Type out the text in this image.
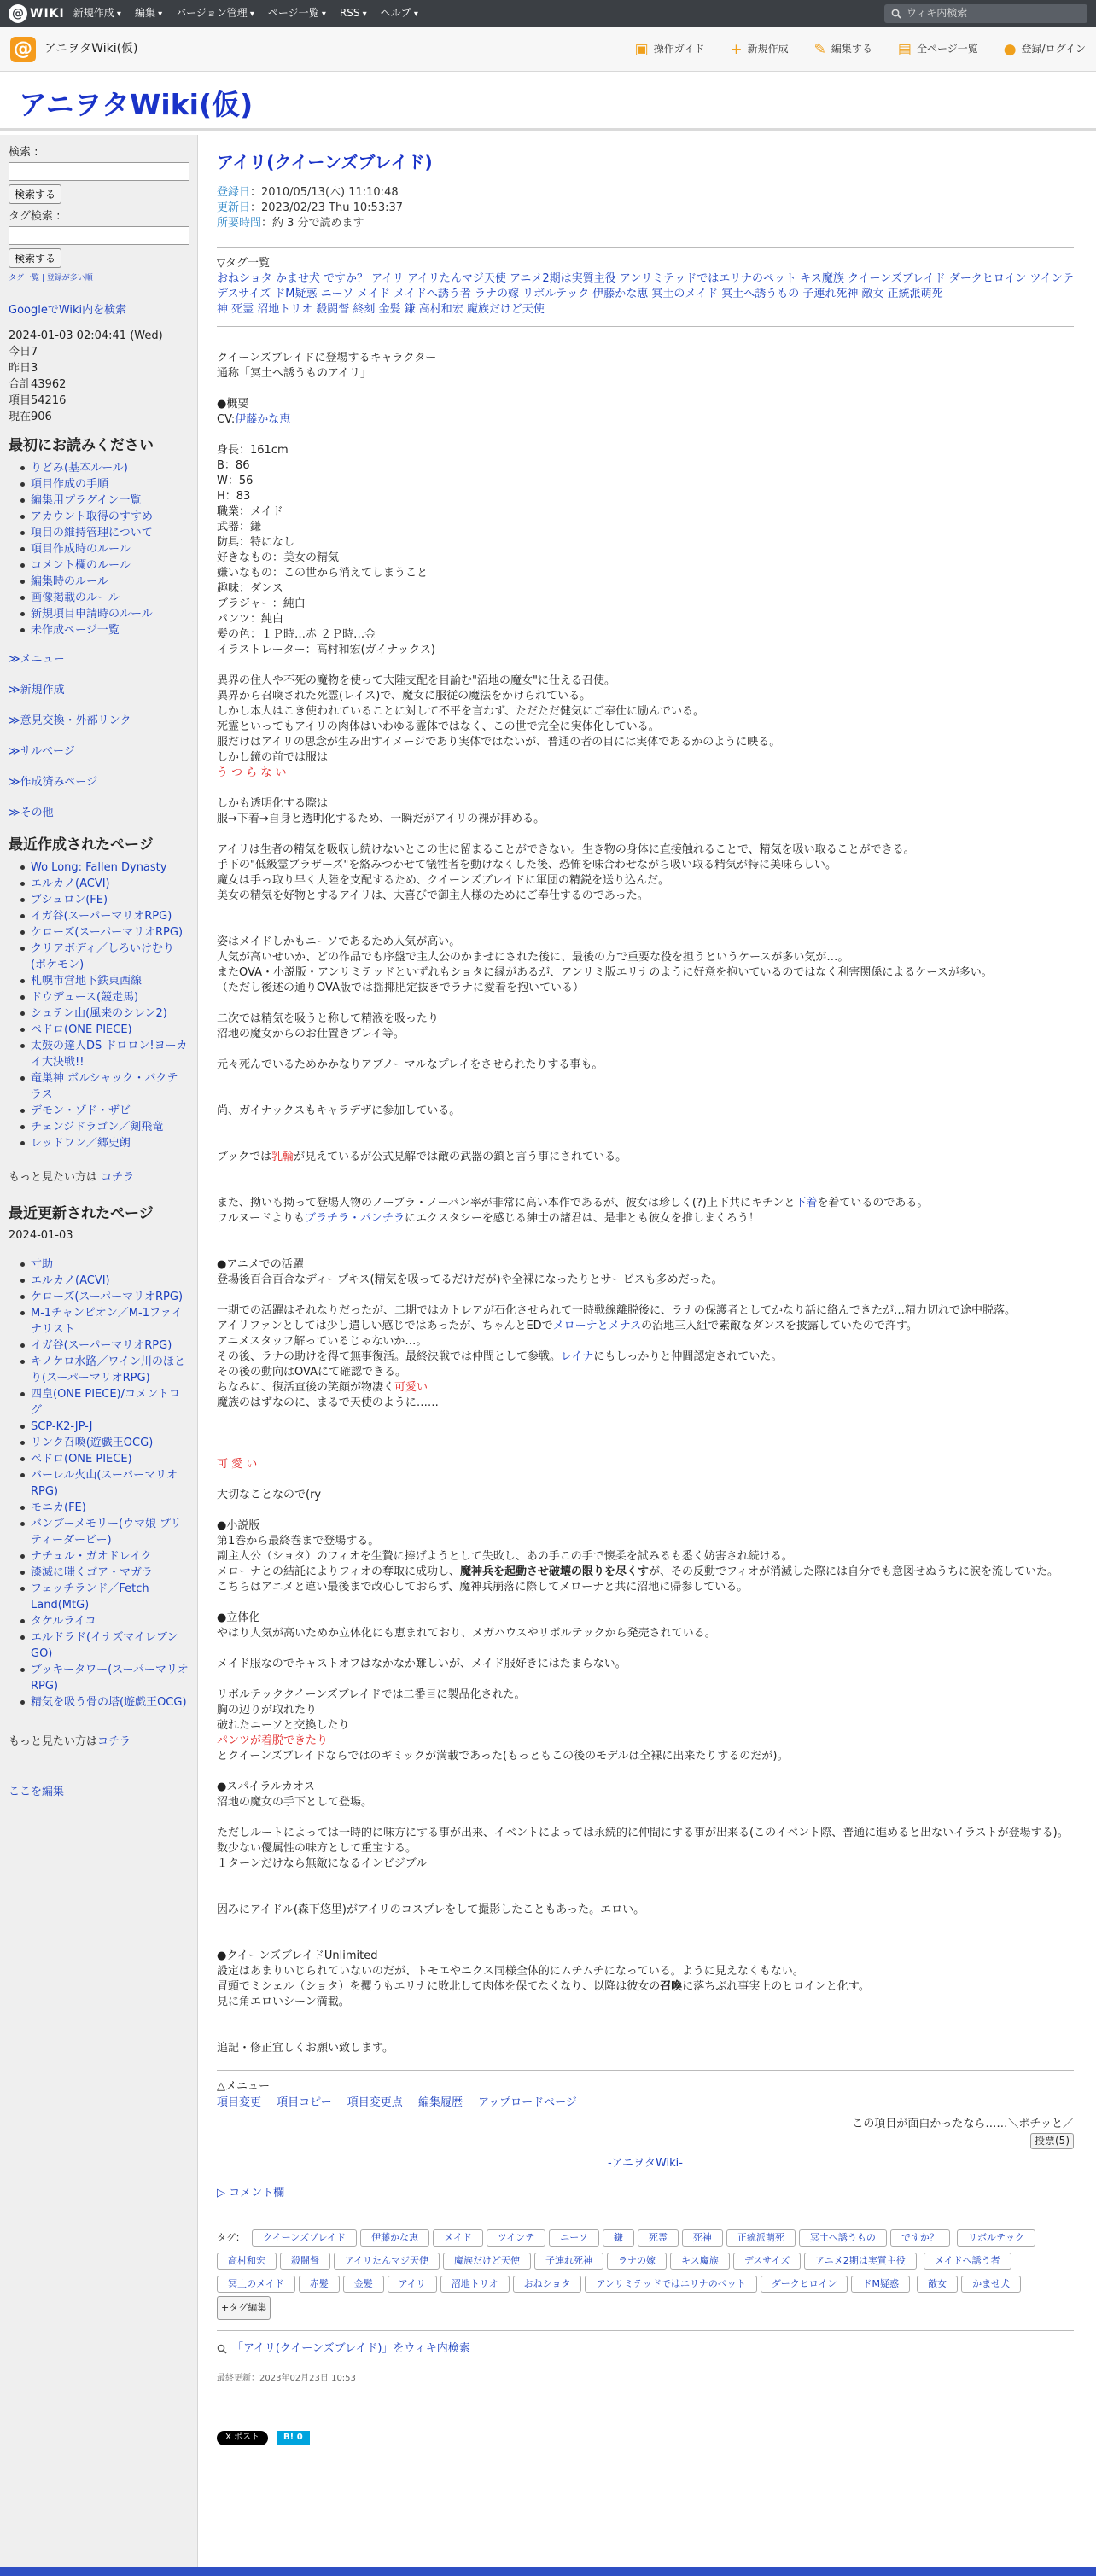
@ WIKI 新規作成 ▾	編集 ▾	バージョン管理 ▾	ページ一覧 ▾	RSS ▾	ヘルプ ▾	ウィキ内検索
@ アニヲタWiki(仮)	▣ 操作ガイド + 新規作成 ✎ 編集する ▤ 全ページ一覧 ● 登録/ログイン
アニヲタWiki(仮)
検索 :
検索する
タグ検索 :
検索する
タグ一覧 | 登録が多い順
GoogleでWiki内を検索
2024-01-03 02:04:41 (Wed)
今日7
昨日3
合計43962
項目54216
現在906
最初にお読みください
りどみ(基本ルール)
項目作成の手順
編集用プラグイン一覧
アカウント取得のすすめ
項目の維持管理について
項目作成時のルール
コメント欄のルール
編集時のルール
画像掲載のルール
新規項目申請時のルール
未作成ページ一覧
≫メニュー
≫新規作成
≫意見交換・外部リンク
≫サルベージ
≫作成済みページ
≫その他
最近作成されたページ
Wo Long: Fallen Dynasty
エルカノ(ACVI)
ブシュロン(FE)
イガ谷(スーパーマリオRPG)
ケローズ(スーパーマリオRPG)
クリアボディ／しろいけむり(ポケモン)
札幌市営地下鉄東西線
ドウデュース(競走馬)
シュテン山(風来のシレン2)
ペドロ(ONE PIECE)
太鼓の達人DS ドロロン!ヨーカイ大決戦!!
竜巣神 ボルシャック・バクテラス
デモン・ゾド・ザビ
チェンジドラゴン／剣飛竜
レッドワン／郷史朗
もっと見たい方は コチラ
最近更新されたページ
2024-01-03
寸助
エルカノ(ACVI)
ケローズ(スーパーマリオRPG)
M-1チャンピオン／M-1ファイナリスト
イガ谷(スーパーマリオRPG)
キノケロ水路／ワイン川のほとり(スーパーマリオRPG)
四皇(ONE PIECE)/コメントログ
SCP-K2-JP-J
リンク召喚(遊戯王OCG)
ペドロ(ONE PIECE)
バーレル火山(スーパーマリオRPG)
モニカ(FE)
バンブーメモリー(ウマ娘 プリティーダービー)
ナチュル・ガオドレイク
漆滅に嗤くゴア・マガラ
フェッチランド／Fetch Land(MtG)
タケルライコ
エルドラド(イナズマイレブンGO)
ブッキータワー(スーパーマリオRPG)
精気を吸う骨の塔(遊戯王OCG)
もっと見たい方はコチラ
ここを編集
アイリ(クイーンズブレイド)
登録日：2010/05/13(木) 11:10:48
更新日：2023/02/23 Thu 10:53:37
所要時間：約 3 分で読めます
▽タグ一覧
おねショタ かませ犬 ですか？ アイリ アイリたんマジ天使 アニメ2期は実質主役 アンリミテッドではエリナのペット キス魔族 クイーンズブレイド ダークヒロイン ツインテ デスサイズ ドM疑惑 ニーソ メイド メイドへ誘う者 ラナの嫁 リボルテック 伊藤かな恵 冥土のメイド 冥土へ誘うもの 子連れ死神 敵女 正統派萌死
神 死霊 沼地トリオ 殺闘督 終刻 金髪 鎌 高村和宏 魔族だけど天使

クイーンズブレイドに登場するキャラクター

通称「冥土へ誘うものアイリ」

●概要

CV:伊藤かな恵

身長：161cm

B：86

W：56

H：83

職業：メイド

武器：鎌

防具：特になし

好きなもの：美女の精気

嫌いなもの：この世から消えてしまうこと

趣味：ダンス

ブラジャー：純白

パンツ：純白

髪の色：１Ｐ時…赤 ２Ｐ時…金

イラストレーター：高村和宏(ガイナックス)

異界の住人や不死の魔物を使って大陸支配を目論む"沼地の魔女"に仕える召使。

異界から召喚された死霊(レイス)で、魔女に服従の魔法をかけられている。

しかし本人はこき使われていることに対して不平を言わず、ただただ健気にご奉仕に励んでいる。

死霊といってもアイリの肉体はいわゆる霊体ではなく、この世で完全に実体化している。

服だけはアイリの思念が生み出すイメージであり実体ではないが、普通の者の目には実体であるかのように映る。

しかし鏡の前では服は

う つ ら な い

しかも透明化する際は

服→下着→自身と透明化するため、一瞬だがアイリの裸が拝める。

アイリは生者の精気を吸収し続けないとこの世に留まることができない。生き物の身体に直接触れることで、精気を吸い取ることができる。

手下の"低級霊ブラザーズ"を絡みつかせて犠牲者を動けなくした後、恐怖を味合わせながら吸い取る精気が特に美味らしい。

魔女は手っ取り早く大陸を支配するため、クイーンズブレイドに軍団の精鋭を送り込んだ。

美女の精気を好物とするアイリは、大喜びで御主人様のためにご奉仕するのであった。

姿はメイドしかもニーソであるため人気が高い。

人気が高いせいか、どの作品でも序盤で主人公のかませにされた後に、最後の方で重要な役を担うというケースが多い気が…。

またOVA・小説版・アンリミテッドといずれもショタに縁があるが、アンリミ版エリナのように好意を抱いているのではなく利害関係によるケースが多い。

（ただし後述の通りOVA版では揺揶肥定抜きでラナに愛着を抱いている）

二次では精気を吸うと称して精液を吸ったり

沼地の魔女からのお仕置きプレイ等。

元々死んでいるためかかなりアブノーマルなプレイをさせられたりする事も。

尚、ガイナックスもキャラデザに参加している。

ブックでは乳輪が見えているが公式見解では敵の武器の鎮と言う事にされている。

また、拗いも拗って登場人物のノーブラ・ノーパン率が非常に高い本作であるが、彼女は珍しく(?)上下共にキチンと下着を着ているのである。

フルヌードよりもブラチラ・パンチラにエクスタシーを感じる紳士の諸君は、是非とも彼女を推しまくろう！

●アニメでの活躍

登場後百合百合なディープキス(精気を吸ってるだけだが)や全裸になったりとサービスも多めだった。

一期での活躍はそれなりだったが、二期ではカトレアが石化させられて一時戦線離脱後に、ラナの保護者としてかなり話に絡んできたが…精力切れで途中脱落。

アイリファンとしては少し遣しい感じではあったが、ちゃんとEDでメローナとメナスの沼地三人組で素敵なダンスを披露していたので許す。

アニメスタッフ解っているじゃないか…。

その後、ラナの助けを得て無事復活。最終決戦では仲間として参戦。レイナにもしっかりと仲間認定されていた。

その後の動向はOVAにて確認できる。

ちなみに、復活直後の笑顔が物凄く可愛い

魔族のはずなのに、まるで天使のように……

可 愛 い

大切なことなので(ry

●小説版

第1巻から最終巻まで登場する。

副主人公（ショタ）のフィオを生贄に捧げようとして失敗し、あの手この手で懐柔を試みるも悉く妨害され続ける。

メローナとの結託によりフィオの奪取に成功し、魔神兵を起動させ破壊の限りを尽くすが、その反動でフィオが消滅した際には自分でも意図せぬうちに涙を流していた。

こちらはアニメと違い最後まで改心しておらず、魔神兵崩落に際してメローナと共に沼地に帰参している。

●立体化

やはり人気が高いためか立体化にも恵まれており、メガハウスやリボルテックから発売されている。

メイド服なのでキャストオフはなかなか難しいが、メイド服好きにはたまらない。

リボルテッククイーンズブレイドでは二番目に製品化された。

胸の辺りが取れたり

破れたニーソと交換したり

パンツが着脱できたり

とクイーンズブレイドならではのギミックが満載であった(もっともこの後のモデルは全裸に出来たりするのだが)。

●スパイラルカオス

沼地の魔女の手下として登場。

ただしルートによっては一時的に味方にする事が出来、イベントによっては永続的に仲間にする事が出来る(このイベント際、普通に進めると出ないイラストが登場する)。

数少ない優属性の味方として重宝する。

１ターンだけなら無敵になるインビジブル

因みにアイドル(森下悠里)がアイリのコスプレをして撮影したこともあった。エロい。

●クイーンズブレイドUnlimited

設定はあまりいじられていないのだが、トモエやニクス同様全体的にムチムチになっている。ように見えなくもない。

冒頭でミシェル（ショタ）を攫うもエリナに敗北して肉体を保てなくなり、以降は彼女の召喚に落ちぶれ事実上のヒロインと化す。

見に角エロいシーン満載。

追記・修正宜しくお願い致します。

△メニュー
項目変更 項目コピー 項目変更点 編集履歴 アップロードページ
この項目が面白かったなら……＼ポチッと／
投票(5)
-アニヲタWiki-
▷ コメント欄
タグ： クイーンズブレイド	伊藤かな恵	メイド	ツインテ	ニーソ	鎌	死霊	死神	正統派萌死	冥土へ誘うもの	ですか？	リボルテック高村和宏	殺闘督	アイリたんマジ天使	魔族だけど天使	子連れ死神	ラナの嫁	キス魔族	デスサイズ	アニメ2期は実質主役	メイドへ誘う者冥土のメイド	赤髪	金髪	アイリ	沼地トリオ	おねショタ	アンリミテッドではエリナのペット	ダークヒロイン	ドM疑惑	敵女	かませ犬
+タグ編集
「アイリ(クイーンズブレイド)」をウィキ内検索
最終更新：2023年02月23日 10:53
X ポスト	B! 0
